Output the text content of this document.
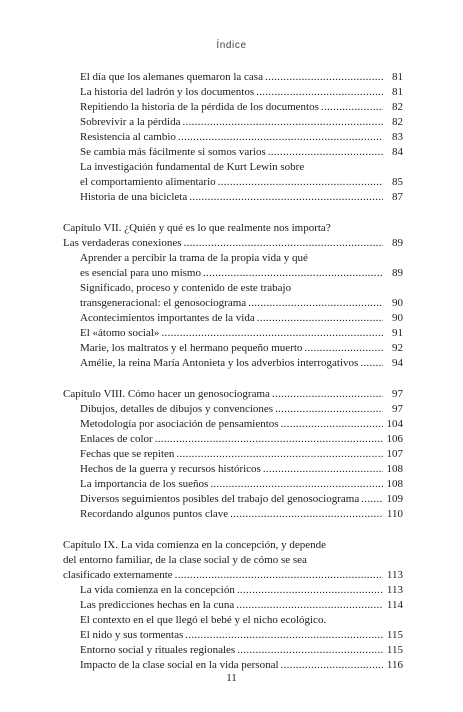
Índice
El día que los alemanes quemaron la casa .....	81
La historia del ladrón y los documentos .....	81
Repitiendo la historia de la pérdida de los documentos .....	82
Sobrevivir a la pérdida .....	82
Resistencia al cambio .....	83
Se cambia más fácilmente si somos varios .....	84
La investigación fundamental de Kurt Lewin sobre
el comportamiento alimentario .....	85
Historia de una bicicleta .....	87
Capítulo VII. ¿Quién y qué es lo que realmente nos importa?
Las verdaderas conexiones .....	89
Aprender a percibir la trama de la propia vida y qué
es esencial para uno mismo .....	89
Significado, proceso y contenido de este trabajo
transgeneracional: el genosociograma .....	90
Acontecimientos importantes de la vida .....	90
El «átomo social» .....	91
Marie, los maltratos y el hermano pequeño muerto .....	92
Amélie, la reina María Antonieta y los adverbios interrogativos .....	94
Capítulo VIII. Cómo hacer un genosociograma .....	97
Dibujos, detalles de dibujos y convenciones .....	97
Metodología por asociación de pensamientos .....	104
Enlaces de color .....	106
Fechas que se repiten .....	107
Hechos de la guerra y recursos históricos .....	108
La importancia de los sueños .....	108
Diversos seguimientos posibles del trabajo del genosociograma ..... 109
Recordando algunos puntos clave .....	110
Capítulo IX. La vida comienza en la concepción, y depende
del entorno familiar, de la clase social y de cómo se sea
clasificado externamente .....	113
La vida comienza en la concepción .....	113
Las predicciones hechas en la cuna .....	114
El contexto en el que llegó el bebé y el nicho ecológico.
El nido y sus tormentas .....	115
Entorno social y rituales regionales .....	115
Impacto de la clase social en la vida personal .....	116
11
